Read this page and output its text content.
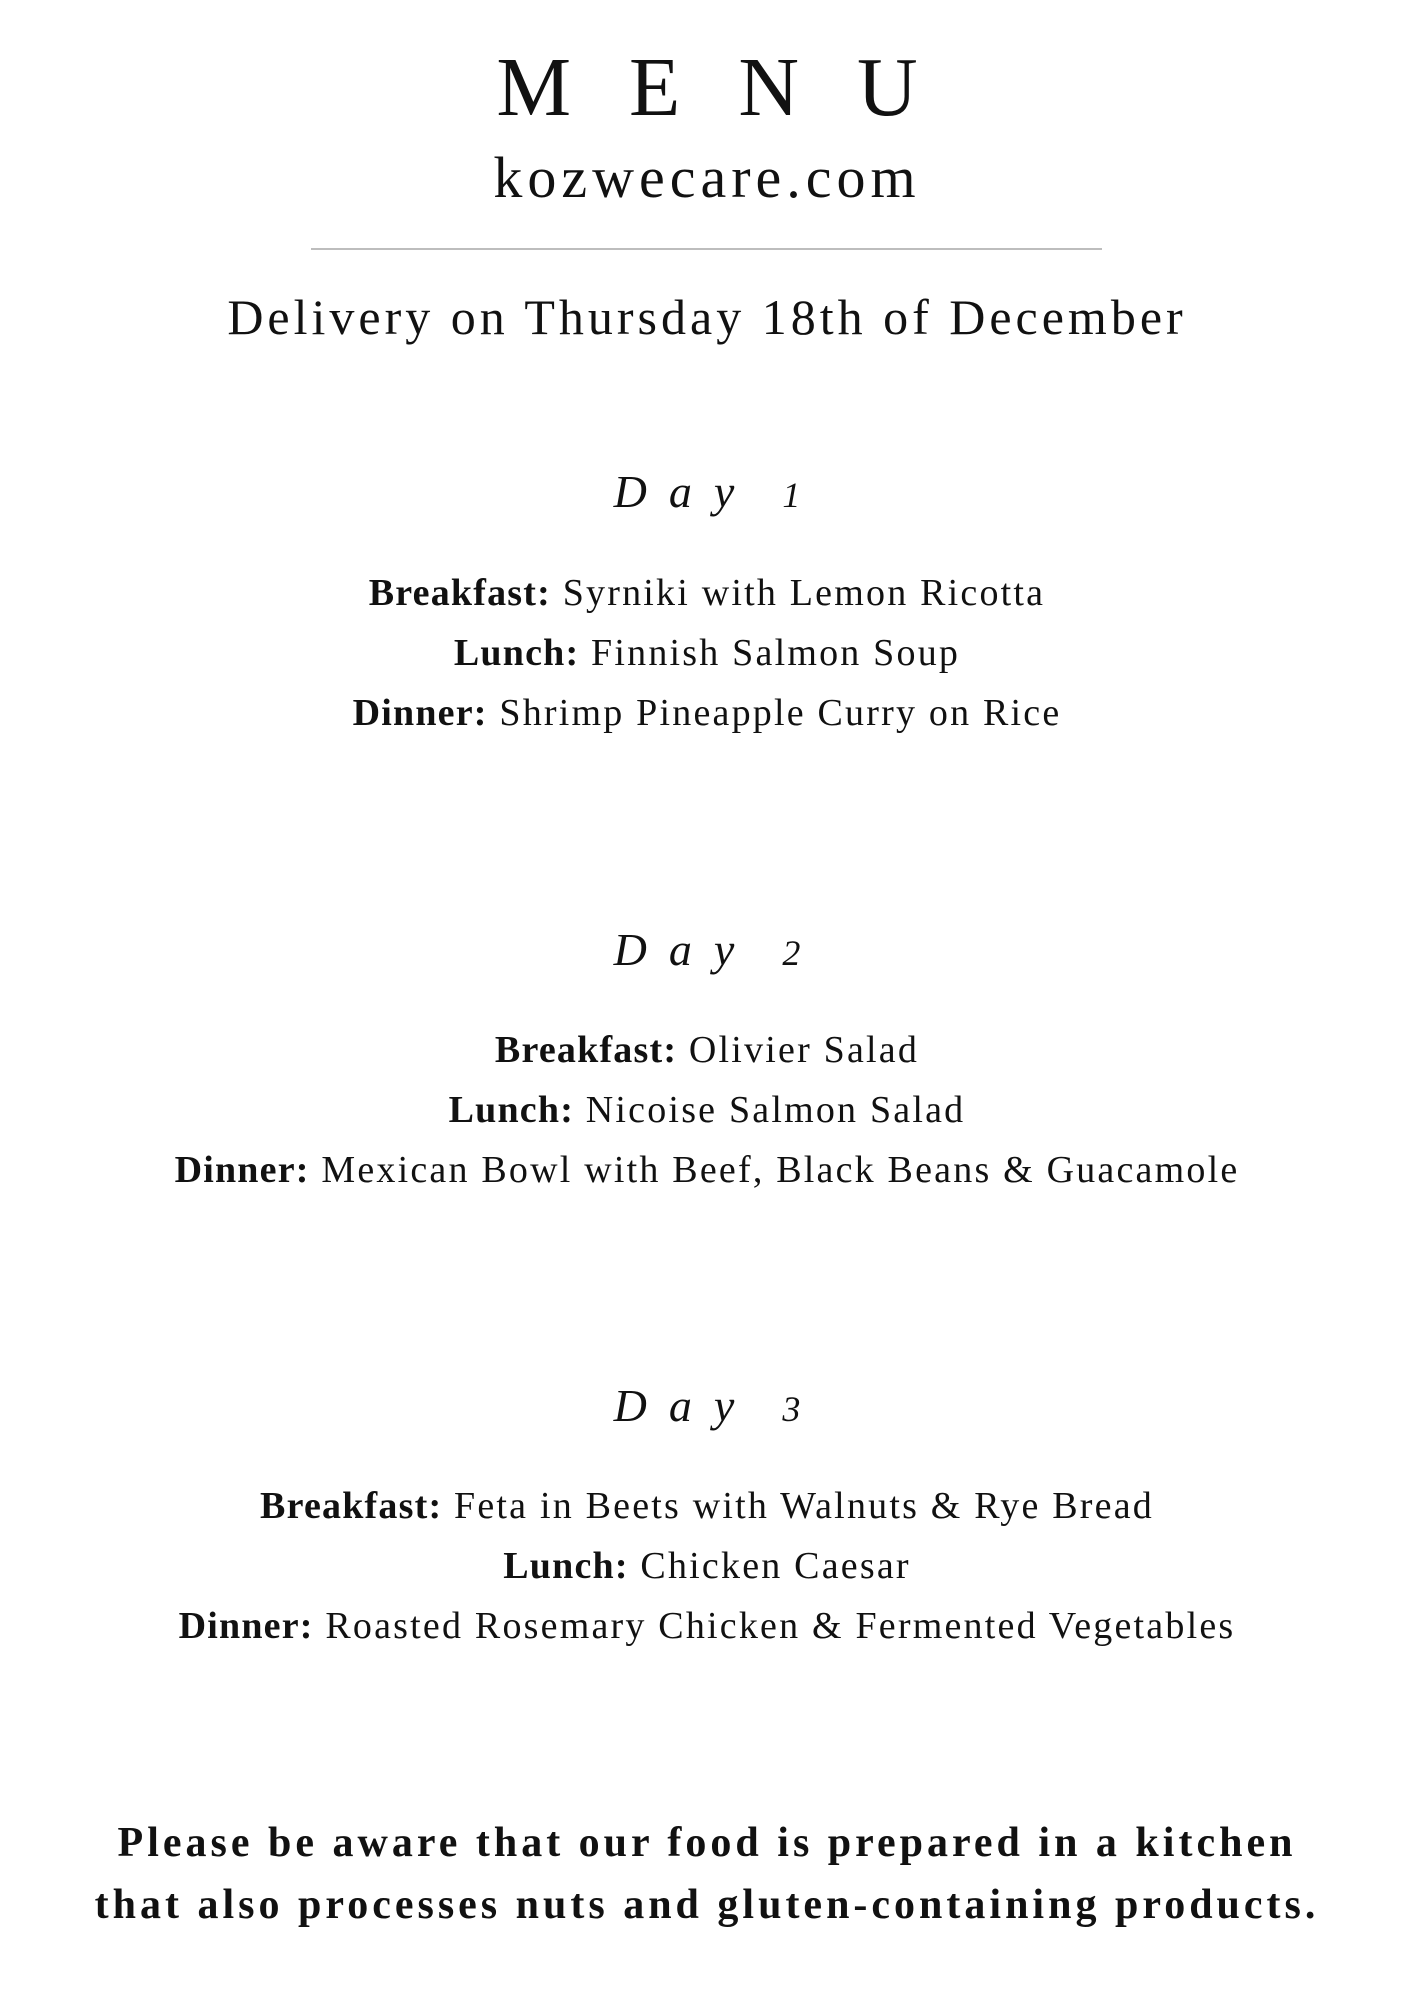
MENU
kozwecare.com
Delivery on Thursday 18th of December
Day 1
Breakfast: Syrniki with Lemon Ricotta
Lunch: Finnish Salmon Soup
Dinner: Shrimp Pineapple Curry on Rice
Day 2
Breakfast: Olivier Salad
Lunch: Nicoise Salmon Salad
Dinner: Mexican Bowl with Beef, Black Beans & Guacamole
Day 3
Breakfast: Feta in Beets with Walnuts & Rye Bread
Lunch: Chicken Caesar
Dinner: Roasted Rosemary Chicken & Fermented Vegetables
Please be aware that our food is prepared in a kitchen
that also processes nuts and gluten-containing products.
